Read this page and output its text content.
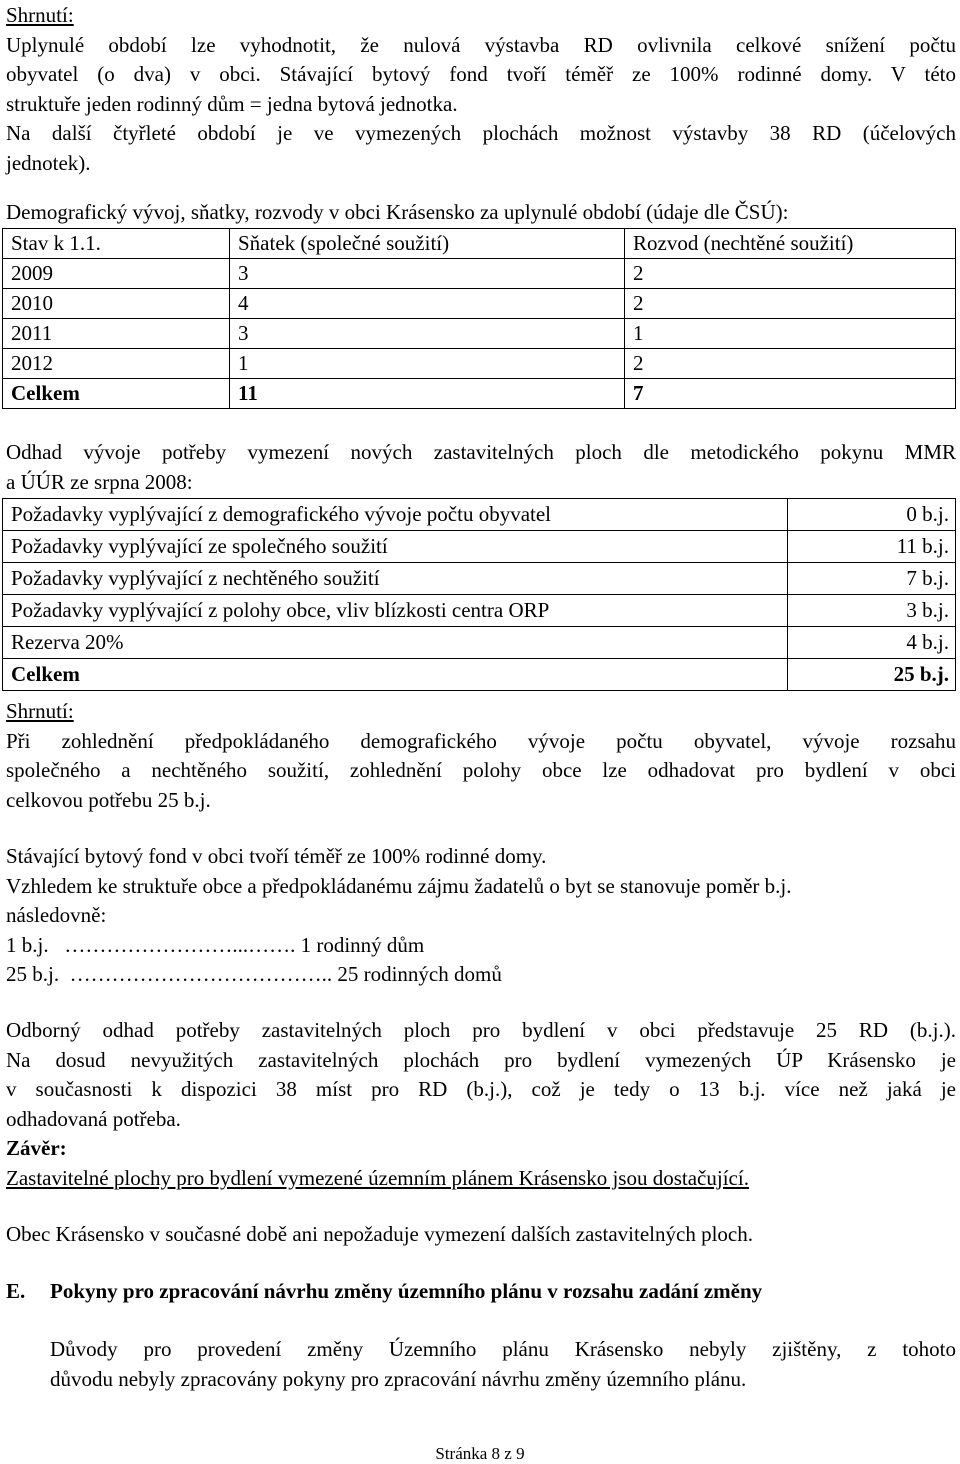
Shrnutí:

Uplynulé období lze vyhodnotit, že nulová výstavba RD ovlivnila celkové snížení počtu

obyvatel (o dva) v obci. Stávající bytový fond tvoří téměř ze 100% rodinné domy. V této

struktuře jeden rodinný dům = jedna bytová jednotka.

Na další čtyřleté období je ve vymezených plochách možnost výstavby 38 RD (účelových

jednotek).

Demografický vývoj, sňatky, rozvody v obci Krásensko za uplynulé období (údaje dle ČSÚ):

Stav k 1.1.	Sňatek (společné soužití)	Rozvod (nechtěné soužití)
2009	3	2
2010	4	2
2011	3	1
2012	1	2
Celkem	11	7

Odhad vývoje potřeby vymezení nových zastavitelných ploch dle metodického pokynu MMR

a ÚÚR ze srpna 2008:

Požadavky vyplývající z demografického vývoje počtu obyvatel	0 b.j.
Požadavky vyplývající ze společného soužití	11 b.j.
Požadavky vyplývající z nechtěného soužití	7 b.j.
Požadavky vyplývající z polohy obce, vliv blízkosti centra ORP	3 b.j.
Rezerva 20%	4 b.j.
Celkem	25 b.j.

Shrnutí:

Při zohlednění předpokládaného demografického vývoje počtu obyvatel, vývoje rozsahu

společného a nechtěného soužití, zohlednění polohy obce lze odhadovat pro bydlení v obci

celkovou potřebu 25 b.j.

Stávající bytový fond v obci tvoří téměř ze 100% rodinné domy.

Vzhledem ke struktuře obce a předpokládanému zájmu žadatelů o byt se stanovuje poměr b.j.

následovně:

1 b.j.   ……………………...……. 1 rodinný dům

25 b.j.  ……………………………….. 25 rodinných domů

Odborný odhad potřeby zastavitelných ploch pro bydlení v obci představuje 25 RD (b.j.).

Na dosud nevyužitých zastavitelných plochách pro bydlení vymezených ÚP Krásensko je

v současnosti k dispozici 38 míst pro RD (b.j.), což je tedy o 13 b.j. více než jaká je

odhadovaná potřeba.

Závěr:

Zastavitelné plochy pro bydlení vymezené územním plánem Krásensko jsou dostačující.

Obec Krásensko v současné době ani nepožaduje vymezení dalších zastavitelných ploch.

E. Pokyny pro zpracování návrhu změny územního plánu v rozsahu zadání změny

Důvody pro provedení změny Územního plánu Krásensko nebyly zjištěny, z tohoto

důvodu nebyly zpracovány pokyny pro zpracování návrhu změny územního plánu.

Stránka 8 z 9
